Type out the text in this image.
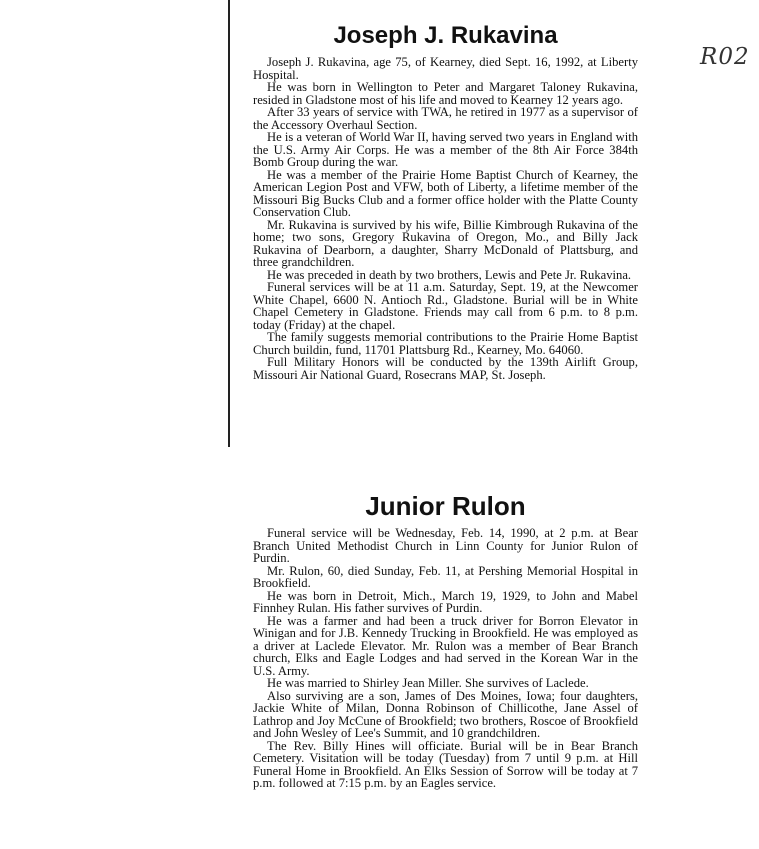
R02
Joseph J. Rukavina

Joseph J. Rukavina, age 75, of Kearney, died Sept. 16, 1992, at Liberty Hospital.

He was born in Wellington to Peter and Margaret Taloney Rukavina, resided in Gladstone most of his life and moved to Kearney 12 years ago.

After 33 years of service with TWA, he retired in 1977 as a supervisor of the Accessory Overhaul Section.

He is a veteran of World War II, having served two years in England with the U.S. Army Air Corps. He was a member of the 8th Air Force 384th Bomb Group during the war.

He was a member of the Prairie Home Baptist Church of Kearney, the American Legion Post and VFW, both of Liberty, a lifetime member of the Missouri Big Bucks Club and a former office holder with the Platte County Conservation Club.

Mr. Rukavina is survived by his wife, Billie Kimbrough Rukavina of the home; two sons, Gregory Rukavina of Oregon, Mo., and Billy Jack Rukavina of Dearborn, a daughter, Sharry McDonald of Plattsburg, and three grandchildren.

He was preceded in death by two brothers, Lewis and Pete Jr. Rukavina.

Funeral services will be at 11 a.m. Saturday, Sept. 19, at the Newcomer White Chapel, 6600 N. Antioch Rd., Gladstone. Burial will be in White Chapel Cemetery in Gladstone. Friends may call from 6 p.m. to 8 p.m. today (Friday) at the chapel.

The family suggests memorial contributions to the Prairie Home Baptist Church buildin, fund, 11701 Plattsburg Rd., Kearney, Mo. 64060.

Full Military Honors will be conducted by the 139th Airlift Group, Missouri Air National Guard, Rosecrans MAP, St. Joseph.

Junior Rulon

Funeral service will be Wednesday, Feb. 14, 1990, at 2 p.m. at Bear Branch United Methodist Church in Linn County for Junior Rulon of Purdin.

Mr. Rulon, 60, died Sunday, Feb. 11, at Pershing Memorial Hospital in Brookfield.

He was born in Detroit, Mich., March 19, 1929, to John and Mabel Finnhey Rulan. His father survives of Purdin.

He was a farmer and had been a truck driver for Borron Elevator in Winigan and for J.B. Kennedy Trucking in Brookfield. He was employed as a driver at Laclede Elevator. Mr. Rulon was a member of Bear Branch church, Elks and Eagle Lodges and had served in the Korean War in the U.S. Army.

He was married to Shirley Jean Miller. She survives of Laclede.

Also surviving are a son, James of Des Moines, Iowa; four daughters, Jackie White of Milan, Donna Robinson of Chillicothe, Jane Assel of Lathrop and Joy McCune of Brookfield; two brothers, Roscoe of Brookfield and John Wesley of Lee's Summit, and 10 grandchildren.

The Rev. Billy Hines will officiate. Burial will be in Bear Branch Cemetery. Visitation will be today (Tuesday) from 7 until 9 p.m. at Hill Funeral Home in Brookfield. An Elks Session of Sorrow will be today at 7 p.m. followed at 7:15 p.m. by an Eagles service.
